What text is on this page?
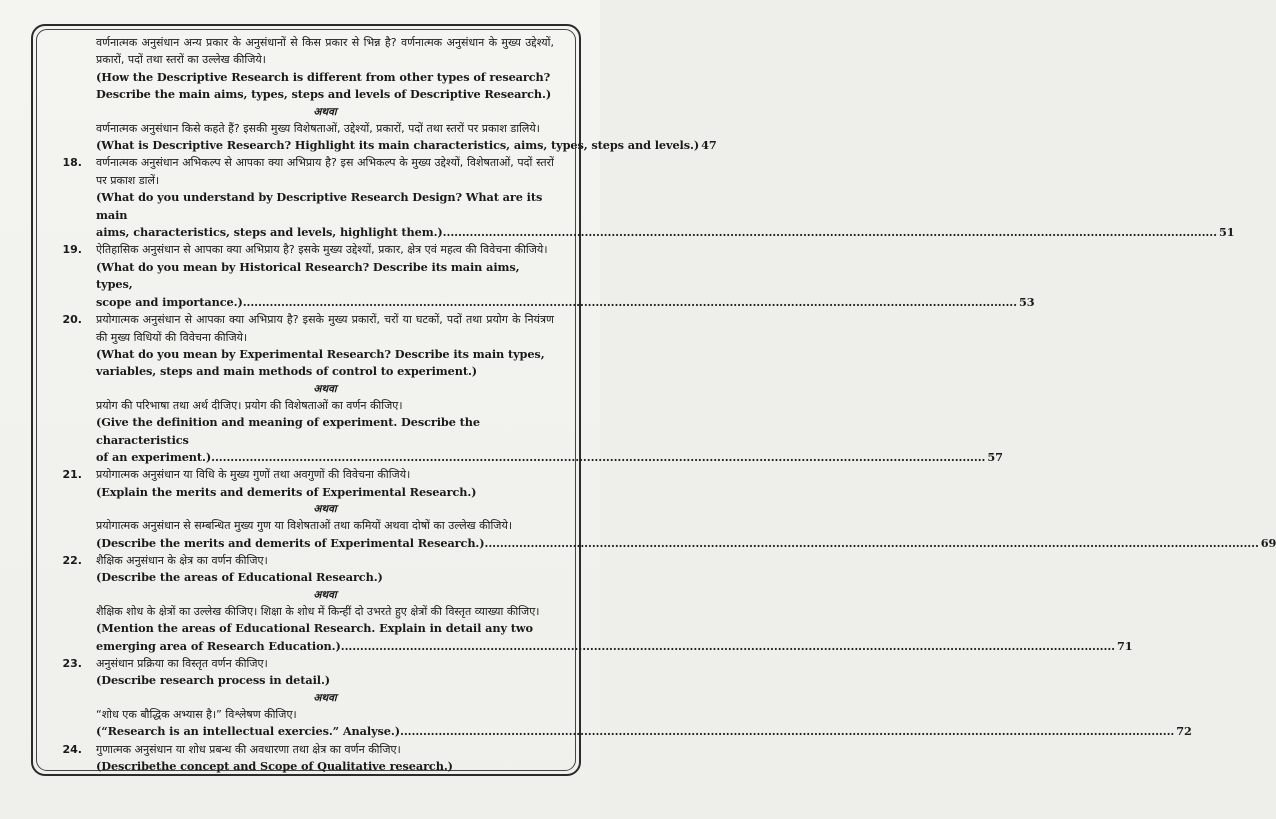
वर्णनात्मक अनुसंधान अन्य प्रकार के अनुसंधानों से किस प्रकार से भिन्न है? वर्णनात्मक अनुसंधान के मुख्य उद्देश्यों, प्रकारों, पदों तथा स्तरों का उल्लेख कीजिये।
(How the Descriptive Research is different from other types of research? Describe the main aims, types, steps and levels of Descriptive Research.)
अथवा
वर्णनात्मक अनुसंधान किसे कहते हैं? इसकी मुख्य विशेषताओं, उद्देश्यों, प्रकारों, पदों तथा स्तरों पर प्रकाश डालिये।
(What is Descriptive Research? Highlight its main characteristics, aims, types, steps and levels.) 47
18.	वर्णनात्मक अनुसंधान अभिकल्प से आपका क्या अभिप्राय है? इस अभिकल्प के मुख्य उद्देश्यों, विशेषताओं, पदों स्तरों पर प्रकाश डालें।
(What do you understand by Descriptive Research Design? What are its main
aims, characteristics, steps and levels, highlight them.) .......................................................................................................................................................................................................... 51
19.	ऐतिहासिक अनुसंधान से आपका क्या अभिप्राय है? इसके मुख्य उद्देश्यों, प्रकार, क्षेत्र एवं महत्व की विवेचना कीजिये।
(What do you mean by Historical Research? Describe its main aims, types,
scope and importance.) .......................................................................................................................................................................................................... 53
20.	प्रयोगात्मक अनुसंधान से आपका क्या अभिप्राय है? इसके मुख्य प्रकारों, चरों या घटकों, पदों तथा प्रयोग के नियंत्रण की मुख्य विधियों की विवेचना कीजिये।
(What do you mean by Experimental Research? Describe its main types, variables, steps and main methods of control to experiment.)
अथवा
प्रयोग की परिभाषा तथा अर्थ दीजिए। प्रयोग की विशेषताओं का वर्णन कीजिए।
(Give the definition and meaning of experiment. Describe the characteristics
of an experiment.) .......................................................................................................................................................................................................... 57
21.	प्रयोगात्मक अनुसंधान या विधि के मुख्य गुणों तथा अवगुणों की विवेचना कीजिये।
(Explain the merits and demerits of Experimental Research.)
अथवा
प्रयोगात्मक अनुसंधान से सम्बन्धित मुख्य गुण या विशेषताओं तथा कमियों अथवा दोषों का उल्लेख कीजिये।
(Describe the merits and demerits of Experimental Research.) .......................................................................................................................................................................................................... 69
22.	शैक्षिक अनुसंधान के क्षेत्र का वर्णन कीजिए।
(Describe the areas of Educational Research.)
अथवा
शैक्षिक शोध के क्षेत्रों का उल्लेख कीजिए। शिक्षा के शोध में किन्हीं दो उभरते हुए क्षेत्रों की विस्तृत व्याख्या कीजिए।
(Mention the areas of Educational Research. Explain in detail any two
emerging area of Research Education.) .......................................................................................................................................................................................................... 71
23.	अनुसंधान प्रक्रिया का विस्तृत वर्णन कीजिए।
(Describe research process in detail.)
अथवा
“शोध एक बौद्धिक अभ्यास है।” विश्लेषण कीजिए।
(“Research is an intellectual exercies.” Analyse.) .......................................................................................................................................................................................................... 72
24.	गुणात्मक अनुसंधान या शोध प्रबन्ध की अवधारणा तथा क्षेत्र का वर्णन कीजिए।
(Describethe concept and Scope of Qualitative research.)
